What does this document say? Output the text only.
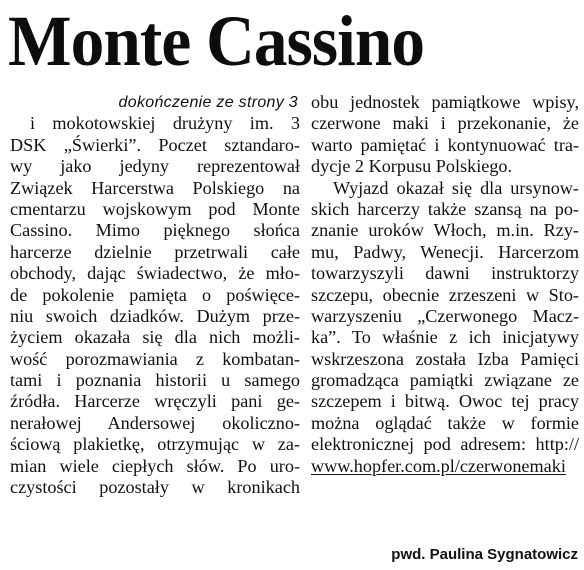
Monte Cassino
dokończenie ze stronу 3
i mokotowskiej drużyny im. 3
DSK „Świerki”. Poczet sztandaro-
wy jako jedyny reprezentował
Związek Harcerstwa Polskiego na
cmentarzu wojskowym pod Monte
Cassino. Mimo pięknego słońca
harcerze dzielnie przetrwali całe
obchody, dając świadectwo, że mło-
de pokolenie pamięta o poświęce-
niu swoich dziadków. Dużym prze-
życiem okazała się dla nich możli-
wość porozmawiania z kombatan-
tami i poznania historii u samego
źródła. Harcerze wręczyli pani ge-
nerałowej Andersowej okoliczno-
ściową plakietkę, otrzymując w za-
mian wiele ciepłych słów. Po uro-
czystości pozostały w kronikach
obu jednostek pamiątkowe wpisy,
czerwone maki i przekonanie, że
warto pamiętać i kontynuować tra-
dycje 2 Korpusu Polskiego.
Wyjazd okazał się dla ursynow-
skich harcerzy także szansą na po-
znanie uroków Włoch, m.in. Rzy-
mu, Padwy, Wenecji. Harcerzom
towarzyszyli dawni instruktorzy
szczepu, obecnie zrzeszeni w Sto-
warzyszeniu „Czerwonego Macz-
ka”. To właśnie z ich inicjatywy
wskrzeszona została Izba Pamięci
gromadząca pamiątki związane ze
szczepem i bitwą. Owoc tej pracy
można oglądać także w formie
elektronicznej pod adresem: http://
www.hopfer.com.pl/czerwonemaki
pwd. Paulina Sygnatowicz
